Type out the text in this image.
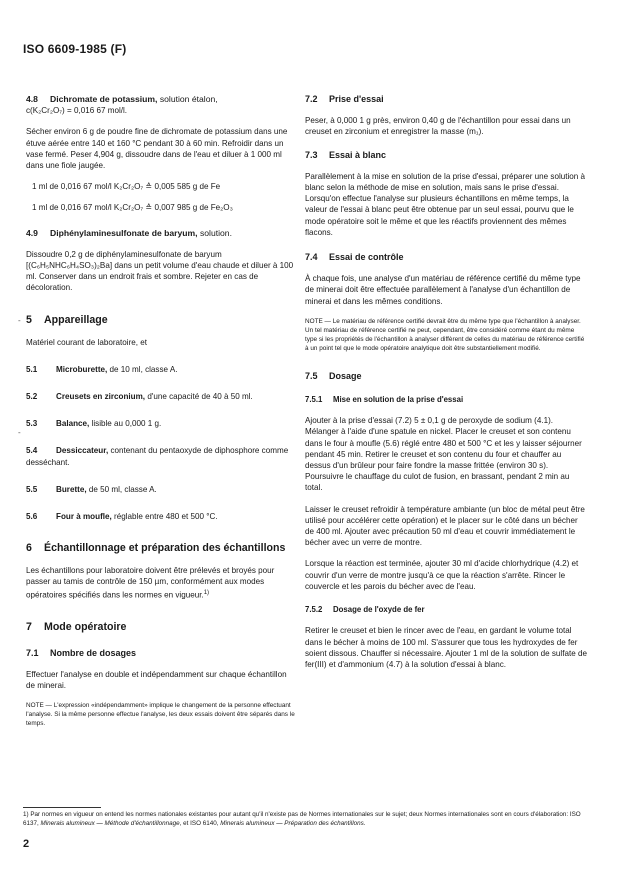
ISO 6609-1985 (F)

4.8 Dichromate de potassium, solution étalon,

c(K₂Cr₂O₇) = 0,016 67 mol/l.

Sécher environ 6 g de poudre fine de dichromate de potassium dans une étuve aérée entre 140 et 160 °C pendant 30 à 60 min. Refroidir dans un vase fermé. Peser 4,904 g, dissoudre dans de l'eau et diluer à 1 000 ml dans une fiole jaugée.

1 ml de 0,016 67 mol/l K₂Cr₂O₇ ≙ 0,005 585 g de Fe

1 ml de 0,016 67 mol/l K₂Cr₂O₇ ≙ 0,007 985 g de Fe₂O₃

4.9 Diphénylaminesulfonate de baryum, solution.

Dissoudre 0,2 g de diphénylaminesulfonate de baryum [(C₆H₅NHC₆H₄SO₃)₂Ba] dans un petit volume d'eau chaude et diluer à 100 ml. Conserver dans un endroit frais et sombre. Rejeter en cas de décoloration.

5 Appareillage

Matériel courant de laboratoire, et

5.1 Microburette, de 10 ml, classe A.

5.2 Creusets en zirconium, d'une capacité de 40 à 50 ml.

5.3 Balance, lisible au 0,000 1 g.

5.4 Dessiccateur, contenant du pentaoxyde de diphosphore comme desséchant.

5.5 Burette, de 50 ml, classe A.

5.6 Four à moufle, réglable entre 480 et 500 °C.

6 Échantillonnage et préparation des échantillons

Les échantillons pour laboratoire doivent être prélevés et broyés pour passer au tamis de contrôle de 150 µm, conformément aux modes opératoires spécifiés dans les normes en vigueur.$^{1)}$

7 Mode opératoire

7.1 Nombre de dosages

Effectuer l'analyse en double et indépendamment sur chaque échantillon de minerai.

NOTE — L'expression «indépendamment» implique le changement de la personne effectuant l'analyse. Si la même personne effectue l'analyse, les deux essais doivent être séparés dans le temps.

-
-

7.2 Prise d'essai

Peser, à 0,000 1 g près, environ 0,40 g de l'échantillon pour essai dans un creuset en zirconium et enregistrer la masse (m₁).

7.3 Essai à blanc

Parallèlement à la mise en solution de la prise d'essai, préparer une solution à blanc selon la méthode de mise en solution, mais sans le prise d'essai. Lorsqu'on effectue l'analyse sur plusieurs échantillons en même temps, la valeur de l'essai à blanc peut être obtenue par un seul essai, pourvu que le mode opératoire soit le même et que les réactifs proviennent des mêmes flacons.

7.4 Essai de contrôle

À chaque fois, une analyse d'un matériau de référence certifié du même type de minerai doit être effectuée parallèlement à l'analyse d'un échantillon de minerai et dans les mêmes conditions.

NOTE — Le matériau de référence certifié devrait être du même type que l'échantillon à analyser. Un tel matériau de référence certifié ne peut, cependant, être considéré comme étant du même type si les propriétés de l'échantillon à analyser diffèrent de celles du matériau de référence certifié à un point tel que le mode opératoire analytique doit être substantiellement modifié.

7.5 Dosage

7.5.1 Mise en solution de la prise d'essai

Ajouter à la prise d'essai (7.2) 5 ± 0,1 g de peroxyde de sodium (4.1). Mélanger à l'aide d'une spatule en nickel. Placer le creuset et son contenu dans le four à moufle (5.6) réglé entre 480 et 500 °C et les y laisser séjourner pendant 45 min. Retirer le creuset et son contenu du four et chauffer au dessus d'un brûleur pour faire fondre la masse frittée (environ 30 s). Poursuivre le chauffage du culot de fusion, en brassant, pendant 2 min au total.

Laisser le creuset refroidir à température ambiante (un bloc de métal peut être utilisé pour accélérer cette opération) et le placer sur le côté dans un bécher de 400 ml. Ajouter avec précaution 50 ml d'eau et couvrir immédiatement le bécher avec un verre de montre.

Lorsque la réaction est terminée, ajouter 30 ml d'acide chlorhydrique (4.2) et couvrir d'un verre de montre jusqu'à ce que la réaction s'arrête. Rincer le couvercle et les parois du bécher avec de l'eau.

7.5.2 Dosage de l'oxyde de fer

Retirer le creuset et bien le rincer avec de l'eau, en gardant le volume total dans le bécher à moins de 100 ml. S'assurer que tous les hydroxydes de fer soient dissous. Chauffer si nécessaire. Ajouter 1 ml de la solution de sulfate de fer(III) et d'ammonium (4.7) à la solution d'essai à blanc.

1) Par normes en vigueur on entend les normes nationales existantes pour autant qu'il n'existe pas de Normes internationales sur le sujet; deux Normes internationales sont en cours d'élaboration: ISO 6137, Minerais alumineux — Méthode d'échantillonnage, et ISO 6140, Minerais alumineux — Préparation des échantillons.
2
